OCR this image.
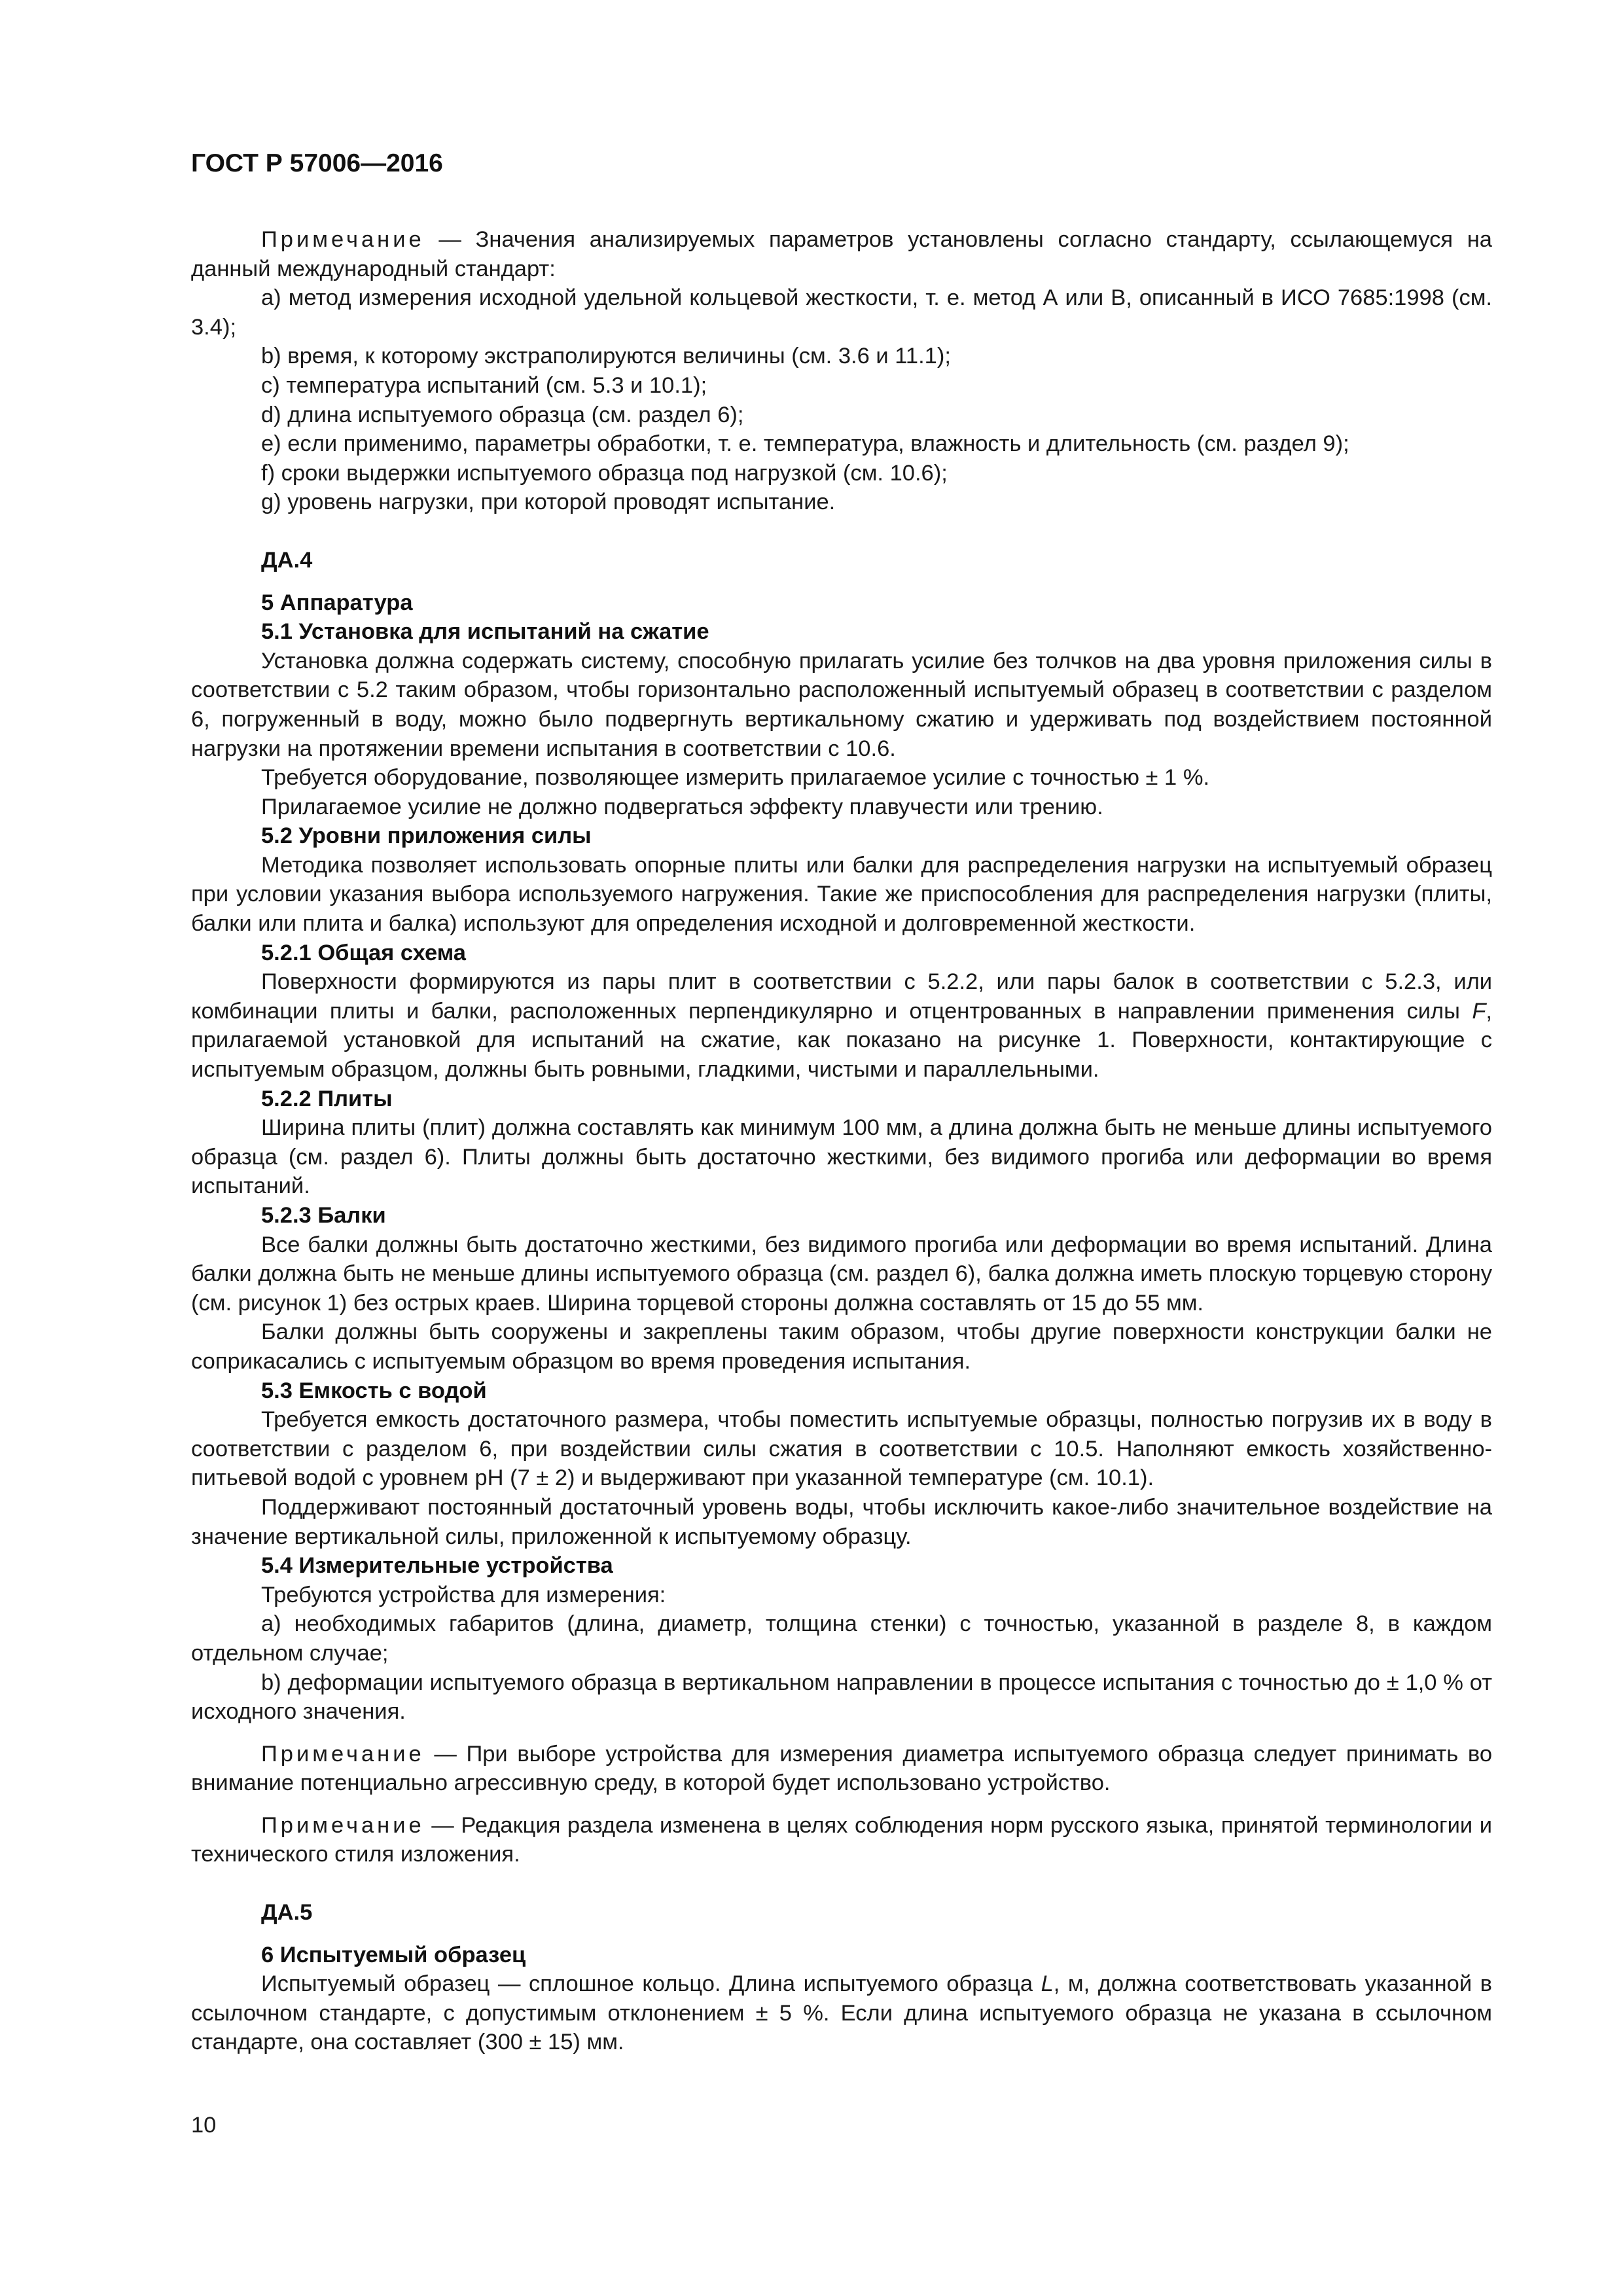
ГОСТ Р 57006—2016

Примечание — Значения анализируемых параметров установлены согласно стандарту, ссылающемуся на данный международный стандарт:

a) метод измерения исходной удельной кольцевой жесткости, т. е. метод А или В, описанный в ИСО 7685:1998 (см. 3.4);

b) время, к которому экстраполируются величины (см. 3.6 и 11.1);

c) температура испытаний (см. 5.3 и 10.1);

d) длина испытуемого образца (см. раздел 6);

e) если применимо, параметры обработки, т. е. температура, влажность и длительность (см. раздел 9);

f) сроки выдержки испытуемого образца под нагрузкой (см. 10.6);

g) уровень нагрузки, при которой проводят испытание.

ДА.4

5 Аппаратура

5.1 Установка для испытаний на сжатие

Установка должна содержать систему, способную прилагать усилие без толчков на два уровня приложения силы в соответствии с 5.2 таким образом, чтобы горизонтально расположенный испытуемый образец в соответствии с разделом 6, погруженный в воду, можно было подвергнуть вертикальному сжатию и удерживать под воздействием постоянной нагрузки на протяжении времени испытания в соответствии с 10.6.

Требуется оборудование, позволяющее измерить прилагаемое усилие с точностью ± 1 %.

Прилагаемое усилие не должно подвергаться эффекту плавучести или трению.

5.2 Уровни приложения силы

Методика позволяет использовать опорные плиты или балки для распределения нагрузки на испытуемый образец при условии указания выбора используемого нагружения. Такие же приспособления для распределения нагрузки (плиты, балки или плита и балка) используют для определения исходной и долговременной жесткости.

5.2.1 Общая схема

Поверхности формируются из пары плит в соответствии с 5.2.2, или пары балок в соответствии с 5.2.3, или комбинации плиты и балки, расположенных перпендикулярно и отцентрованных в направлении применения силы F, прилагаемой установкой для испытаний на сжатие, как показано на рисунке 1. Поверхности, контактирующие с испытуемым образцом, должны быть ровными, гладкими, чистыми и параллельными.

5.2.2 Плиты

Ширина плиты (плит) должна составлять как минимум 100 мм, а длина должна быть не меньше длины испытуемого образца (см. раздел 6). Плиты должны быть достаточно жесткими, без видимого прогиба или деформации во время испытаний.

5.2.3 Балки

Все балки должны быть достаточно жесткими, без видимого прогиба или деформации во время испытаний. Длина балки должна быть не меньше длины испытуемого образца (см. раздел 6), балка должна иметь плоскую торцевую сторону (см. рисунок 1) без острых краев. Ширина торцевой стороны должна составлять от 15 до 55 мм.

Балки должны быть сооружены и закреплены таким образом, чтобы другие поверхности конструкции балки не соприкасались с испытуемым образцом во время проведения испытания.

5.3 Емкость с водой

Требуется емкость достаточного размера, чтобы поместить испытуемые образцы, полностью погрузив их в воду в соответствии с разделом 6, при воздействии силы сжатия в соответствии с 10.5. Наполняют емкость хозяйственно-питьевой водой с уровнем pH (7 ± 2) и выдерживают при указанной температуре (см. 10.1).

Поддерживают постоянный достаточный уровень воды, чтобы исключить какое-либо значительное воздействие на значение вертикальной силы, приложенной к испытуемому образцу.

5.4 Измерительные устройства

Требуются устройства для измерения:

a) необходимых габаритов (длина, диаметр, толщина стенки) с точностью, указанной в разделе 8, в каждом отдельном случае;

b) деформации испытуемого образца в вертикальном направлении в процессе испытания с точностью до ± 1,0 % от исходного значения.

Примечание — При выборе устройства для измерения диаметра испытуемого образца следует принимать во внимание потенциально агрессивную среду, в которой будет использовано устройство.

Примечание — Редакция раздела изменена в целях соблюдения норм русского языка, принятой терминологии и технического стиля изложения.

ДА.5

6 Испытуемый образец

Испытуемый образец — сплошное кольцо. Длина испытуемого образца L, м, должна соответствовать указанной в ссылочном стандарте, с допустимым отклонением ± 5 %. Если длина испытуемого образца не указана в ссылочном стандарте, она составляет (300 ± 15) мм.

10
